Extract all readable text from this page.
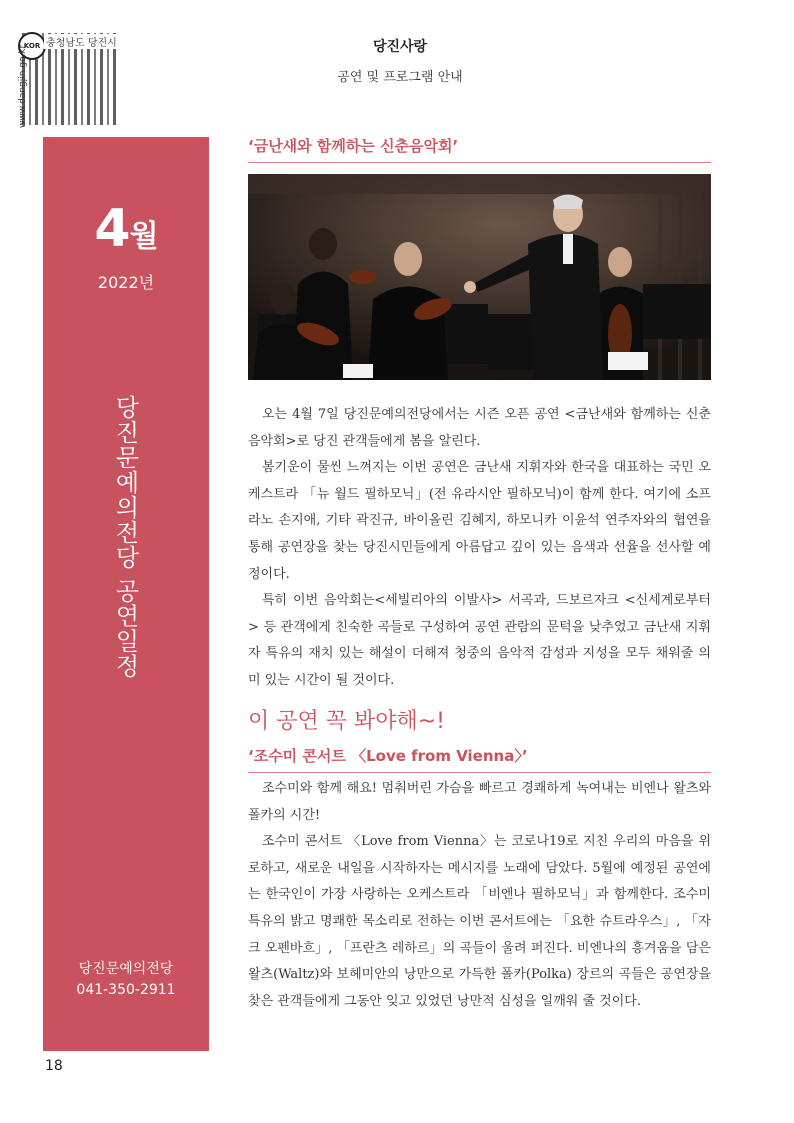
KOR 충청남도 당진시
www.dangjin.go.kr	당진사랑
공연 및 프로그램 안내
4월
2022년
당진문예의전당 공연일정
당진문예의전당
041-350-2911
18
‘금난새와 함께하는 신춘음악회’

오는 4월 7일 당진문예의전당에서는 시즌 오픈 공연 <금난새와 함께하는 신춘음악회>로 당진 관객들에게 봄을 알린다.

봄기운이 물씬 느껴지는 이번 공연은 금난새 지휘자와 한국을 대표하는 국민 오케스트라 「뉴 월드 필하모닉」(전 유라시안 필하모닉)이 함께 한다. 여기에 소프라노 손지애, 기타 곽진규, 바이올린 김혜지, 하모니카 이윤석 연주자와의 협연을 통해 공연장을 찾는 당진시민들에게 아름답고 깊이 있는 음색과 선율을 선사할 예정이다.

특히 이번 음악회는<세빌리아의 이발사> 서곡과, 드보르자크 <신세계로부터> 등 관객에게 친숙한 곡들로 구성하여 공연 관람의 문턱을 낮추었고 금난새 지휘자 특유의 재치 있는 해설이 더해져 청중의 음악적 감성과 지성을 모두 채워줄 의미 있는 시간이 될 것이다.

이 공연 꼭 봐야해~!
‘조수미 콘서트 〈Love from Vienna〉’

조수미와 함께 해요! 멈춰버린 가슴을 빠르고 경쾌하게 녹여내는 비엔나 왈츠와 폴카의 시간!

조수미 콘서트 〈Love from Vienna〉는 코로나19로 지친 우리의 마음을 위로하고, 새로운 내일을 시작하자는 메시지를 노래에 담았다. 5월에 예정된 공연에는 한국인이 가장 사랑하는 오케스트라 「비엔나 필하모닉」과 함께한다. 조수미 특유의 밝고 명쾌한 목소리로 전하는 이번 콘서트에는 「요한 슈트라우스」, 「자크 오펜바흐」, 「프란츠 레하르」의 곡들이 울려 퍼진다. 비엔나의 흥겨움을 담은 왈츠(Waltz)와 보헤미안의 낭만으로 가득한 폴카(Polka) 장르의 곡들은 공연장을 찾은 관객들에게 그동안 잊고 있었던 낭만적 심성을 일깨워 줄 것이다.
